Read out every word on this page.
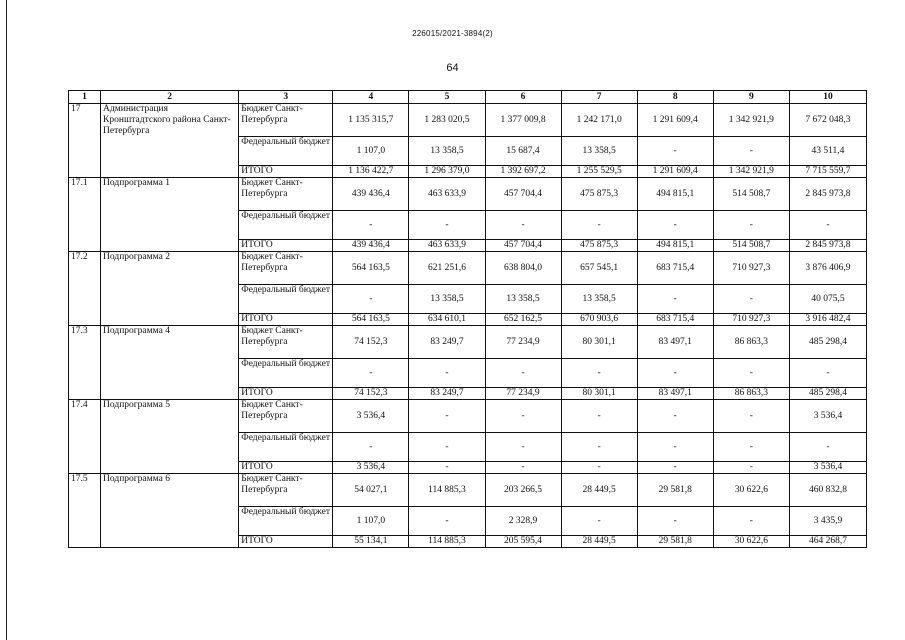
226015/2021-3894(2)
64
1	2	3	4	5	6	7	8	9	10
17	Администрация Кронштадтского района Санкт-Петербурга	Бюджет Санкт-Петербурга	1 135 315,7	1 283 020,5	1 377 009,8	1 242 171,0	1 291 609,4	1 342 921,9	7 672 048,3
		Федеральный бюджет	1 107,0	13 358,5	15 687,4	13 358,5	-	-	43 511,4
		ИТОГО	1 136 422,7	1 296 379,0	1 392 697,2	1 255 529,5	1 291 609,4	1 342 921,9	7 715 559,7
17.1	Подпрограмма 1	Бюджет Санкт-Петербурга	439 436,4	463 633,9	457 704,4	475 875,3	494 815,1	514 508,7	2 845 973,8
		Федеральный бюджет	-	-	-	-	-	-	-
		ИТОГО	439 436,4	463 633,9	457 704,4	475 875,3	494 815,1	514 508,7	2 845 973,8
17.2	Подпрограмма 2	Бюджет Санкт-Петербурга	564 163,5	621 251,6	638 804,0	657 545,1	683 715,4	710 927,3	3 876 406,9
		Федеральный бюджет	-	13 358,5	13 358,5	13 358,5	-	-	40 075,5
		ИТОГО	564 163,5	634 610,1	652 162,5	670 903,6	683 715,4	710 927,3	3 916 482,4
17.3	Подпрограмма 4	Бюджет Санкт-Петербурга	74 152,3	83 249,7	77 234,9	80 301,1	83 497,1	86 863,3	485 298,4
		Федеральный бюджет	-	-	-	-	-	-	-
		ИТОГО	74 152,3	83 249,7	77 234,9	80 301,1	83 497,1	86 863,3	485 298,4
17.4	Подпрограмма 5	Бюджет Санкт-Петербурга	3 536,4	-	-	-	-	-	3 536,4
		Федеральный бюджет	-	-	-	-	-	-	-
		ИТОГО	3 536,4	-	-	-	-	-	3 536,4
17.5	Подпрограмма 6	Бюджет Санкт-Петербурга	54 027,1	114 885,3	203 266,5	28 449,5	29 581,8	30 622,6	460 832,8
		Федеральный бюджет	1 107,0	-	2 328,9	-	-	-	3 435,9
		ИТОГО	55 134,1	114 885,3	205 595,4	28 449,5	29 581,8	30 622,6	464 268,7
